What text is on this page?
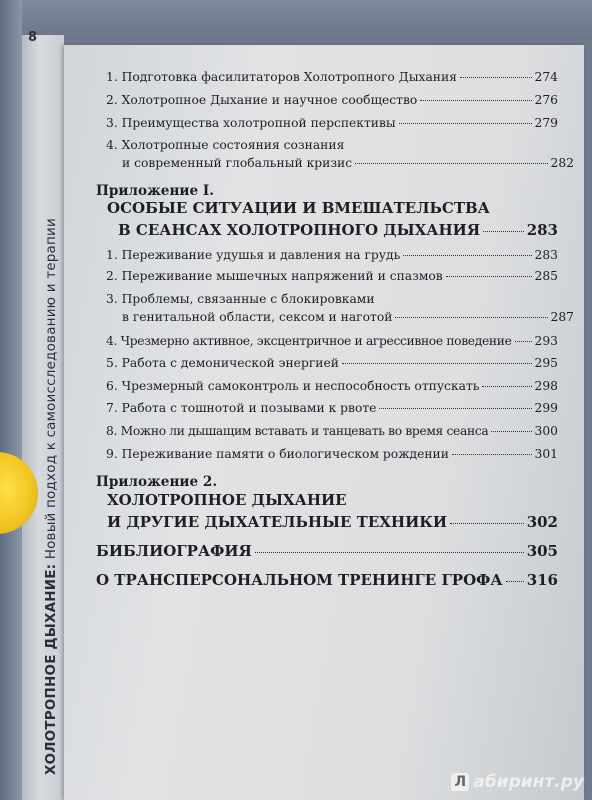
ХОЛОТРОПНОЕ ДЫХАНИЕ: Новый подход к самоисследованию и терапии
8
1. Подготовка фасилитаторов Холотропного Дыхания	274
2. Холотропное Дыхание и научное сообщество	276
3. Преимущества холотропной перспективы	279
4. Холотропные состояния сознания
и современный глобальный кризис	282
Приложение I.
ОСОБЫЕ СИТУАЦИИ И ВМЕШАТЕЛЬСТВА
В СЕАНСАХ ХОЛОТРОПНОГО ДЫХАНИЯ	283
1. Переживание удушья и давления на грудь	283
2. Переживание мышечных напряжений и спазмов	285
3. Проблемы, связанные с блокировками
в генитальной области, сексом и наготой	287
4. Чрезмерно активное, эксцентричное и агрессивное поведение 293
5. Работа с демонической энергией	295
6. Чрезмерный самоконтроль и неспособность отпускать	298
7. Работа с тошнотой и позывами к рвоте	299
8. Можно ли дышащим вставать и танцевать во время сеанса	300
9. Переживание памяти о биологическом рождении	301
Приложение 2.
ХОЛОТРОПНОЕ ДЫХАНИЕ
И ДРУГИЕ ДЫХАТЕЛЬНЫЕ ТЕХНИКИ	302
БИБЛИОГРАФИЯ	305
О ТРАНСПЕРСОНАЛЬНОМ ТРЕНИНГЕ ГРОФА 316
Л абиринт.ру
